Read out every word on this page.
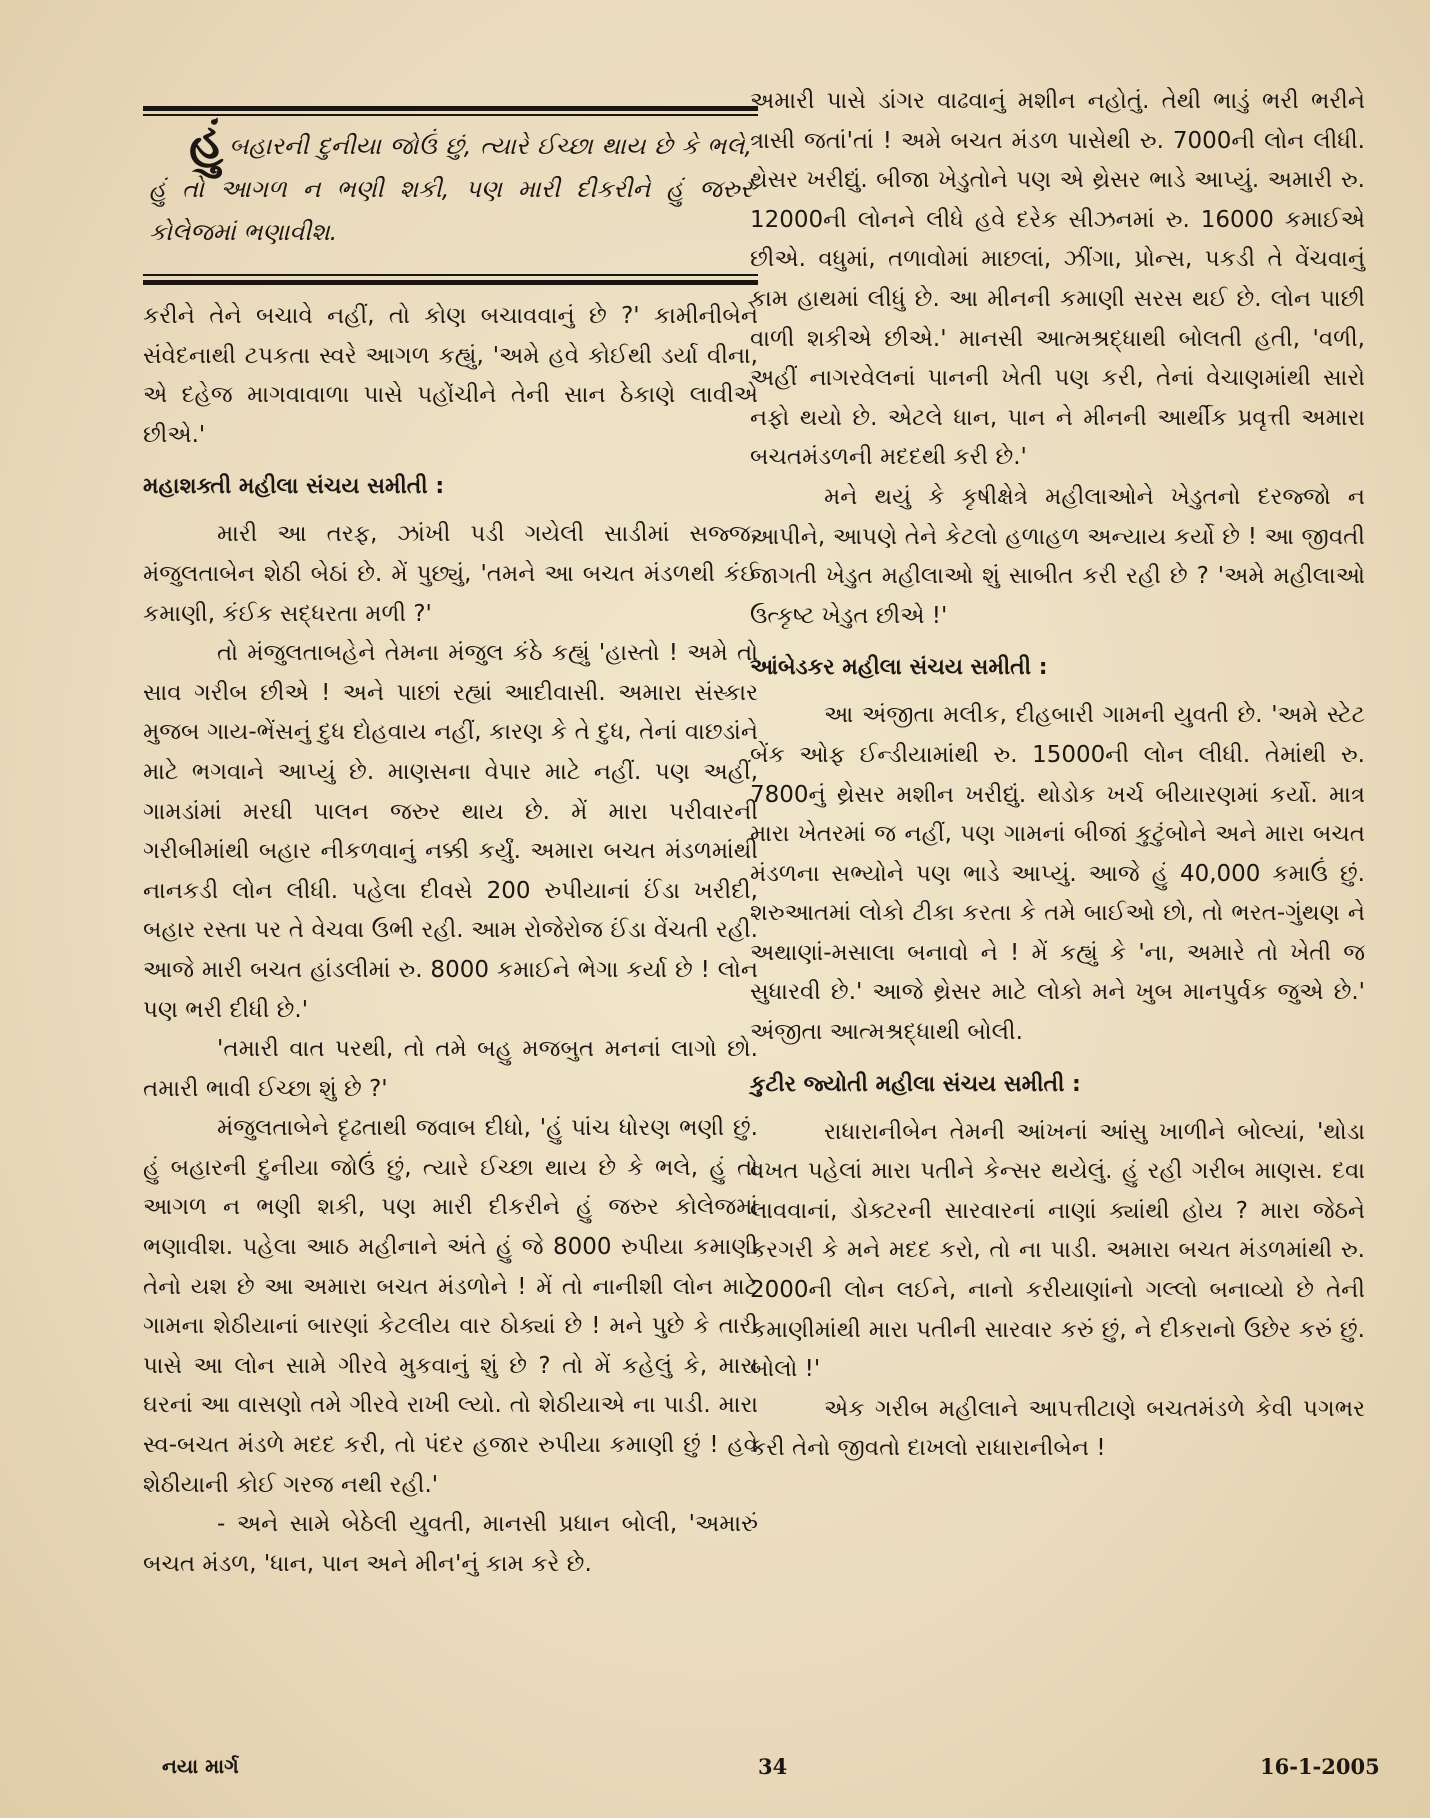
હુંબહારની દુનીયા જોઉં છું, ત્યારે ઈચ્છા થાય છે કે ભલે, હું તો આગળ ન ભણી શકી, પણ મારી દીકરીને હું જરુર કોલેજમાં ભણાવીશ.

કરીને તેને બચાવે નહીં, તો કોણ બચાવવાનું છે ?' કામીનીબેને સંવેદનાથી ટપકતા સ્વરે આગળ કહ્યું, 'અમે હવે કોઈથી ડર્યા વીના, એ દહેજ માગવાવાળા પાસે પહોંચીને તેની સાન ઠેકાણે લાવીએ છીએ.'

મહાશક્તી મહીલા સંચય સમીતી :

મારી આ તરફ, ઝાંખી પડી ગયેલી સાડીમાં સજ્જ, મંજુલતાબેન શેઠી બેઠાં છે. મેં પુછ્યું, 'તમને આ બચત મંડળથી કંઈ કમાણી, કંઈક સદ્ધરતા મળી ?'

તો મંજુલતાબહેને તેમના મંજુલ કંઠે કહ્યું 'હાસ્તો ! અમે તો સાવ ગરીબ છીએ ! અને પાછાં રહ્યાં આદીવાસી. અમારા સંસ્કાર મુજબ ગાય-ભેંસનું દુધ દોહવાય નહીં, કારણ કે તે દુધ, તેનાં વાછડાંને માટે ભગવાને આપ્યું છે. માણસના વેપાર માટે નહીં. પણ અહીં, ગામડાંમાં મરઘી પાલન જરુર થાય છે. મેં મારા પરીવારની ગરીબીમાંથી બહાર નીકળવાનું નક્કી કર્યું. અમારા બચત મંડળમાંથી નાનકડી લોન લીધી. પહેલા દીવસે 200 રુપીયાનાં ઈંડા ખરીદી, બહાર રસ્તા પર તે વેચવા ઉભી રહી. આમ રોજેરોજ ઈંડા વેંચતી રહી. આજે મારી બચત હાંડલીમાં રુ. 8000 કમાઈને ભેગા કર્યા છે ! લોન પણ ભરી દીધી છે.'

'તમારી વાત પરથી, તો તમે બહુ મજબુત મનનાં લાગો છો. તમારી ભાવી ઈચ્છા શું છે ?'

મંજુલતાબેને દૃઢતાથી જવાબ દીધો, 'હું પાંચ ધોરણ ભણી છું. હું બહારની દુનીયા જોઉં છું, ત્યારે ઈચ્છા થાય છે કે ભલે, હું તો આગળ ન ભણી શકી, પણ મારી દીકરીને હું જરુર કોલેજમાં ભણાવીશ. પહેલા આઠ મહીનાને અંતે હું જે 8000 રુપીયા કમાણી તેનો યશ છે આ અમારા બચત મંડળોને ! મેં તો નાનીશી લોન માટે ગામના શેઠીયાનાં બારણાં કેટલીય વાર ઠોક્યાં છે ! મને પુછે કે તારી પાસે આ લોન સામે ગીરવે મુકવાનું શું છે ? તો મેં કહેલું કે, મારા ઘરનાં આ વાસણો તમે ગીરવે રાખી લ્યો. તો શેઠીયાએ ના પાડી. મારા સ્વ-બચત મંડળે મદદ કરી, તો પંદર હજાર રુપીયા કમાણી છું ! હવે શેઠીયાની કોઈ ગરજ નથી રહી.'

- અને સામે બેઠેલી યુવતી, માનસી પ્રધાન બોલી, 'અમારું બચત મંડળ, 'ધાન, પાન અને મીન'નું કામ કરે છે.

અમારી પાસે ડાંગર વાઢવાનું મશીન નહોતું. તેથી ભાડું ભરી ભરીને ત્રાસી જતાં'તાં ! અમે બચત મંડળ પાસેથી રુ. 7000ની લોન લીધી. થ્રેસર ખરીદ્યું. બીજા ખેડુતોને પણ એ થ્રેસર ભાડે આપ્યું. અમારી રુ. 12000ની લોનને લીધે હવે દરેક સીઝનમાં રુ. 16000 કમાઈએ છીએ. વધુમાં, તળાવોમાં માછલાં, ઝીંગા, પ્રોન્સ, પકડી તે વેંચવાનું કામ હાથમાં લીધું છે. આ મીનની કમાણી સરસ થઈ છે. લોન પાછી વાળી શકીએ છીએ.' માનસી આત્મશ્રદ્ધાથી બોલતી હતી, 'વળી, અહીં નાગરવેલનાં પાનની ખેતી પણ કરી, તેનાં વેચાણમાંથી સારો નફો થયો છે. એટલે ધાન, પાન ને મીનની આર્થીક પ્રવૃત્તી અમારા બચતમંડળની મદદથી કરી છે.'

મને થયું કે કૃષીક્ષેત્રે મહીલાઓને ખેડુતનો દરજ્જો ન આપીને, આપણે તેને કેટલો હળાહળ અન્યાય કર્યો છે ! આ જીવતી જાગતી ખેડુત મહીલાઓ શું સાબીત કરી રહી છે ? 'અમે મહીલાઓ ઉત્કૃષ્ટ ખેડુત છીએ !'

આંબેડકર મહીલા સંચય સમીતી :

આ અંજીતા મલીક, દીહબારી ગામની યુવતી છે. 'અમે સ્ટેટ બેંક ઓફ ઈન્ડીયામાંથી રુ. 15000ની લોન લીધી. તેમાંથી રુ. 7800નું થ્રેસર મશીન ખરીદ્યું. થોડોક ખર્ચ બીયારણમાં કર્યો. માત્ર મારા ખેતરમાં જ નહીં, પણ ગામનાં બીજાં કુટુંબોને અને મારા બચત મંડળના સભ્યોને પણ ભાડે આપ્યું. આજે હું 40,000 કમાઉં છું. શરુઆતમાં લોકો ટીકા કરતા કે તમે બાઈઓ છો, તો ભરત-ગુંથણ ને અથાણાં-મસાલા બનાવો ને ! મેં કહ્યું કે 'ના, અમારે તો ખેતી જ સુધારવી છે.' આજે થ્રેસર માટે લોકો મને ખુબ માનપુર્વક જુએ છે.' અંજીતા આત્મશ્રદ્ધાથી બોલી.

કુટીર જ્યોતી મહીલા સંચય સમીતી :

રાધારાનીબેન તેમની આંખનાં આંસુ ખાળીને બોલ્યાં, 'થોડા વખત પહેલાં મારા પતીને કેન્સર થયેલું. હું રહી ગરીબ માણસ. દવા લાવવાનાં, ડોક્ટરની સારવારનાં નાણાં ક્યાંથી હોય ? મારા જેઠને કરગરી કે મને મદદ કરો, તો ના પાડી. અમારા બચત મંડળમાંથી રુ. 2000ની લોન લઈને, નાનો કરીયાણાંનો ગલ્લો બનાવ્યો છે તેની કમાણીમાંથી મારા પતીની સારવાર કરું છું, ને દીકરાનો ઉછેર કરું છું. બોલો !'

એક ગરીબ મહીલાને આપત્તીટાણે બચતમંડળે કેવી પગભર કરી તેનો જીવતો દાખલો રાધારાનીબેન !

નયા માર્ગ	34	16-1-2005
